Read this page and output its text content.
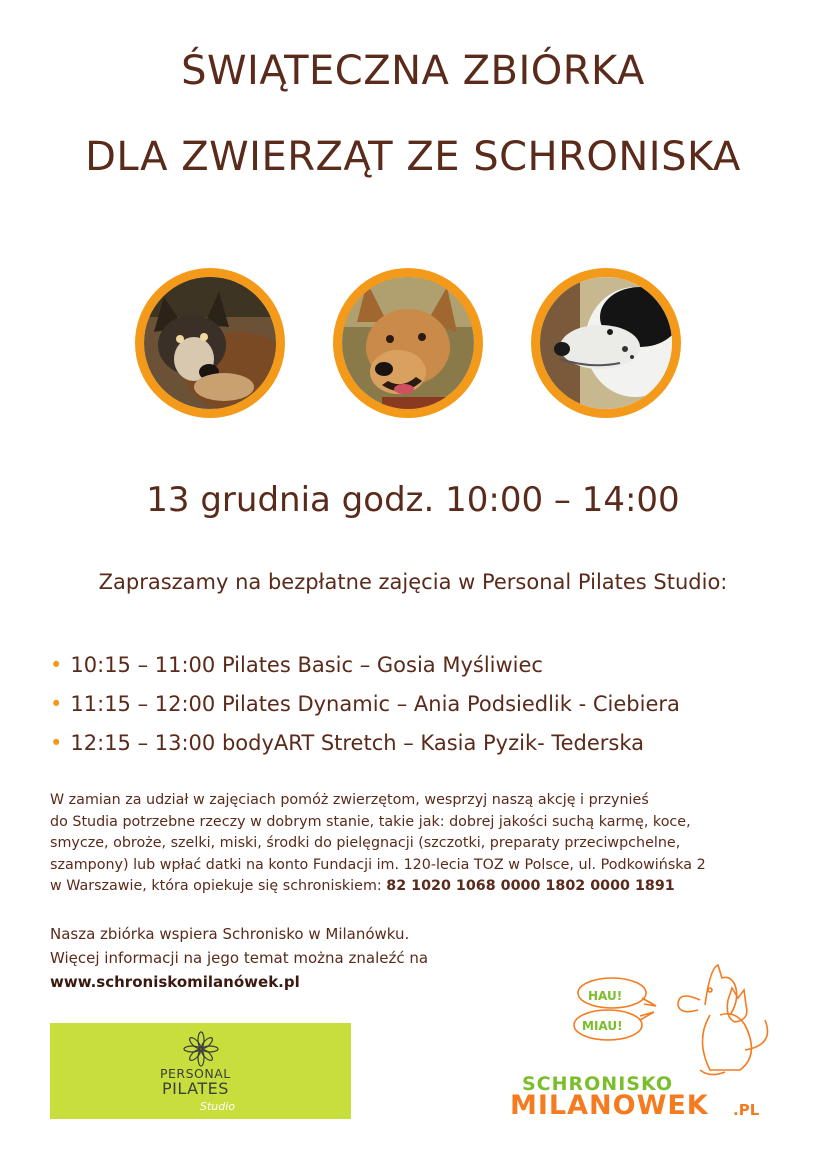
ŚWIĄTECZNA ZBIÓRKA
DLA ZWIERZĄT ZE SCHRONISKA
13 grudnia godz. 10:00 – 14:00
Zapraszamy na bezpłatne zajęcia w Personal Pilates Studio:
• 10:15 – 11:00 Pilates Basic – Gosia Myśliwiec
• 11:15 – 12:00 Pilates Dynamic – Ania Podsiedlik - Ciebiera
• 12:15 – 13:00 bodyART Stretch – Kasia Pyzik- Tederska

W zamian za udział w zajęciach pomóż zwierzętom, wesprzyj naszą akcję i przynieś
do Studia potrzebne rzeczy w dobrym stanie, takie jak: dobrej jakości suchą karmę, koce,
smycze, obroże, szelki, miski, środki do pielęgnacji (szczotki, preparaty przeciwpchelne,
szampony) lub wpłać datki na konto Fundacji im. 120-lecia TOZ w Polsce, ul. Podkowińska 2
w Warszawie, która opiekuje się schroniskiem: 82 1020 1068 0000 1802 0000 1891

Nasza zbiórka wspiera Schronisko w Milanówku.
Więcej informacji na jego temat można znaleźć na
www.schroniskomilanówek.pl

PERSONAL
PILATES
Studio
HAU!
MIAU!
SCHRONISKO
MILANOWEK .PL
